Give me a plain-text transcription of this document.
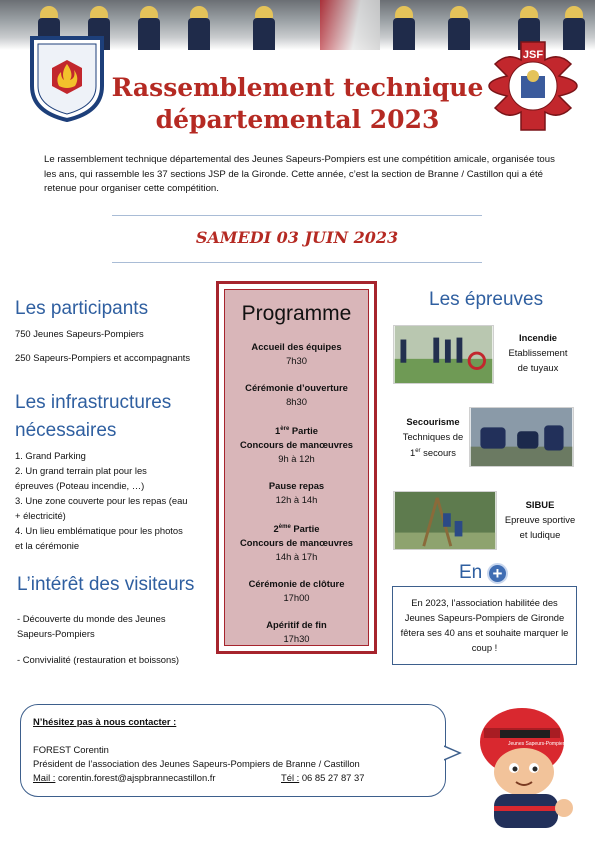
JSF
Rassemblement technique
départemental 2023
Le rassemblement technique départemental des Jeunes Sapeurs-Pompiers est une compétition amicale, organisée tous les ans, qui rassemble les 37 sections JSP de la Gironde. Cette année, c’est la section de Branne / Castillon qui a été retenue pour organiser cette compétition.
SAMEDI 03 JUIN 2023
Les participants
750 Jeunes Sapeurs-Pompiers
250 Sapeurs-Pompiers et accompagnants
Les infrastructures
nécessaires
1. Grand Parking
2. Un grand terrain plat pour les
épreuves (Poteau incendie, …)
3. Une zone couverte pour les repas (eau
+ électricité)
4. Un lieu emblématique pour les photos
et la cérémonie
L’intérêt des visiteurs
- Découverte du monde des Jeunes
Sapeurs-Pompiers
- Convivialité (restauration et boissons)
Programme
Accueil des équipes
7h30
Cérémonie d’ouverture
8h30
1ère Partie
Concours de manœuvres
9h à 12h
Pause repas
12h à 14h
2ème Partie
Concours de manœuvres
14h à 17h
Cérémonie de clôture
17h00
Apéritif de fin
17h30
Les épreuves
Incendie
Etablissement
de tuyaux
Secourisme
Techniques de
1er secours
SIBUE
Epreuve sportive
et ludique
En +
En 2023, l’association habilitée des Jeunes Sapeurs-Pompiers de Gironde fêtera ses 40 ans et souhaite marquer le coup !
N’hésitez pas à nous contacter :
FOREST Corentin
Président de l’association des Jeunes Sapeurs-Pompiers de Branne / Castillon
Mail : corentin.forest@ajspbrannecastillon.fr	Tél : 06 85 27 87 37
Jeunes Sapeurs-Pompiers
